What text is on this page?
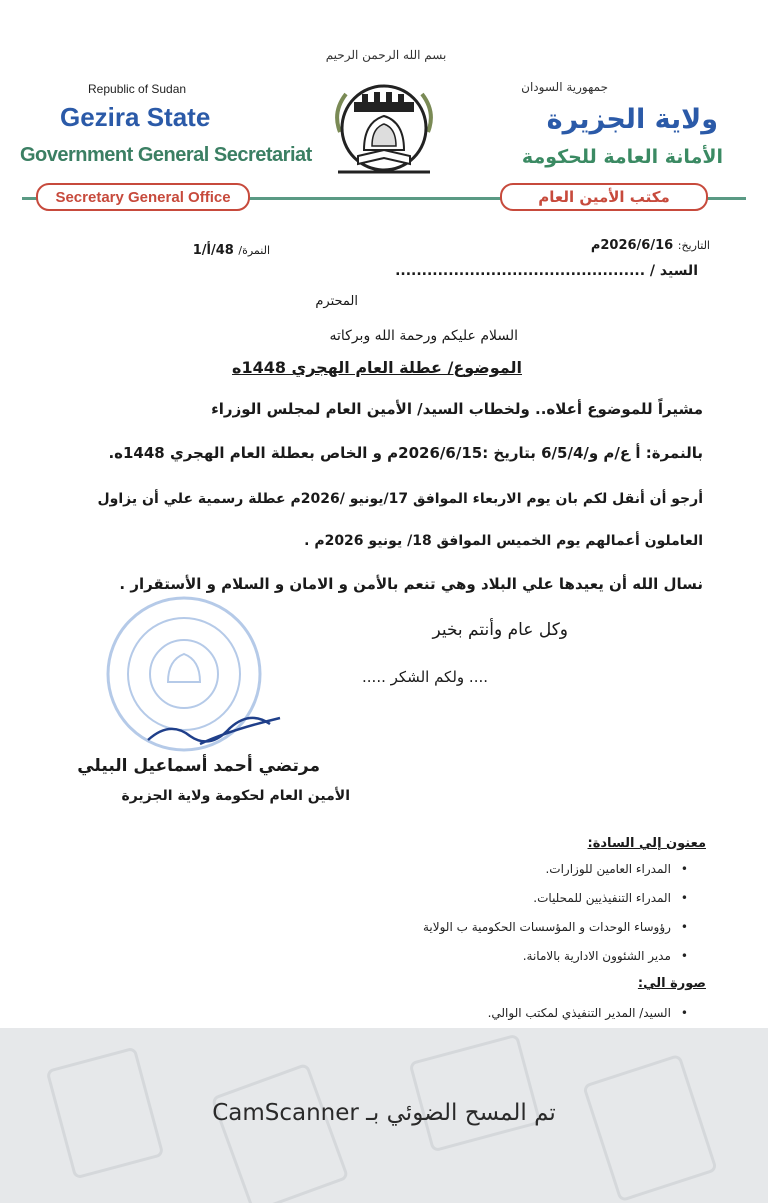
Republic of Sudan
Gezira State
Government General Secretariat
جمهورية السودان
ولاية الجزيرة
الأمانة العامة للحكومة
بسم الله الرحمن الرحيم
Secretary General Office	مكتب الأمين العام
التاريخ: 2026/6/16م
النمرة/ 48/أ/1
السيد / ...............................................
المحترم
السلام عليكم ورحمة الله وبركاته
الموضوع/ عطلة العام الهجري 1448ه
مشيراً للموضوع أعلاه.. ولخطاب السيد/ الأمين العام لمجلس الوزراء
بالنمرة: أ ع/م و/6/5/4 بتاريخ :2026/6/15م و الخاص بعطلة العام الهجري 1448ه.
أرجو أن أنقل لكم بان يوم الاربعاء الموافق 17/يونيو /2026م عطلة رسمية علي أن يزاول
العاملون أعمالهم يوم الخميس الموافق 18/ يونيو 2026م .
نسال الله أن يعيدها علي البلاد وهي تنعم بالأمن و الامان و السلام و الأستقرار .
وكل عام وأنتم بخير
.... ولكم الشكر .....
مرتضي أحمد أسماعيل البيلي
الأمين العام لحكومة ولاية الجزيرة
معنون إلي السادة:
• المدراء العامين للوزارات.
• المدراء التنفيذيين للمحليات.
• رؤوساء الوحدات و المؤسسات الحكومية ب الولاية
• مدير الشئوون الادارية بالامانة.
صورة الي:
• السيد/ المدير التنفيذي لمكتب الوالي.
تم المسح الضوئي بـ CamScanner
